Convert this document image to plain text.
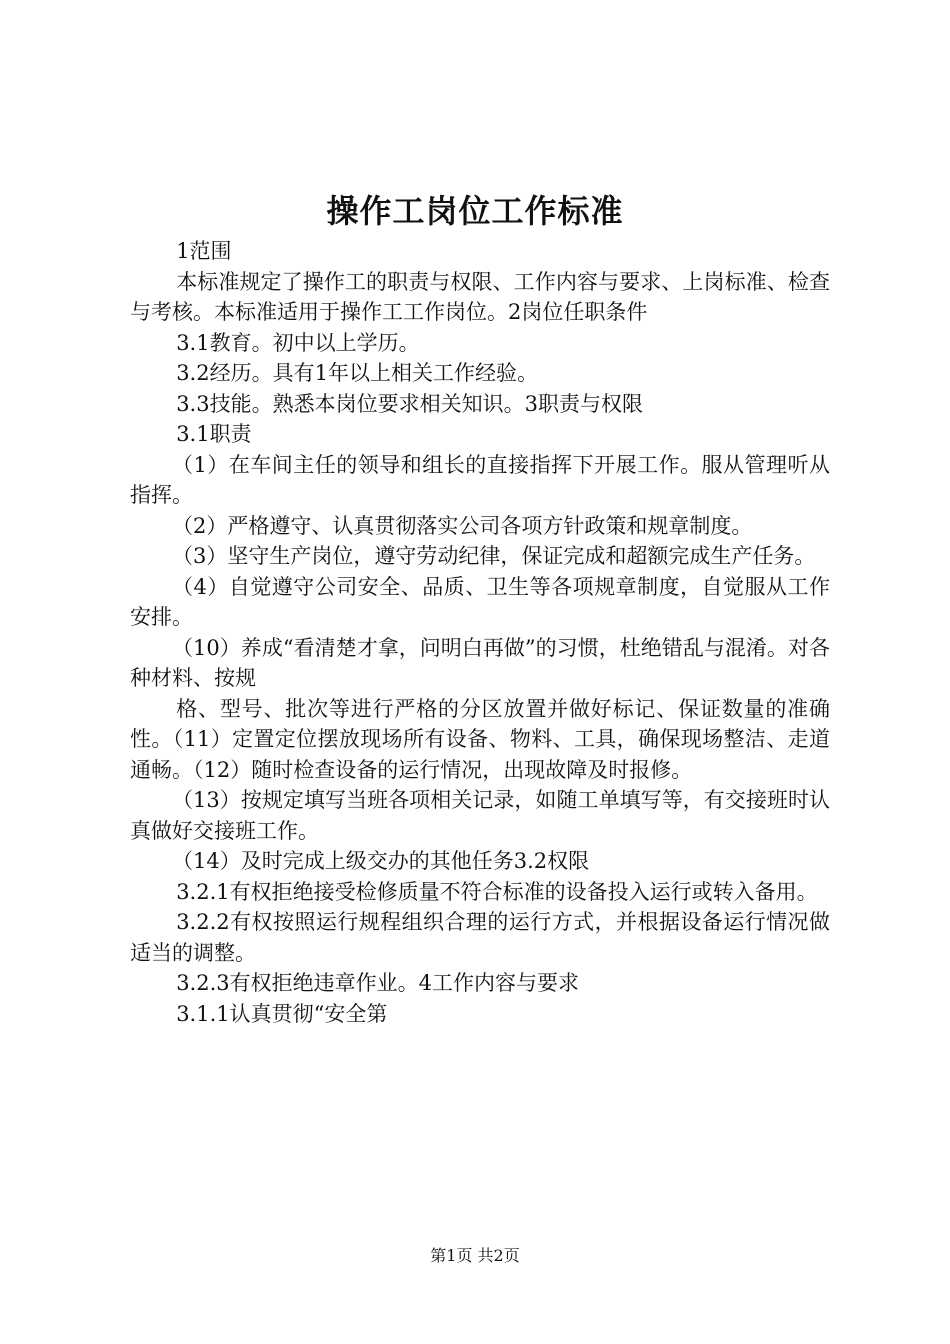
操作工岗位工作标准

1范围

本标准规定了操作工的职责与权限、工作内容与要求、上岗标准、检查与考核。本标准适用于操作工工作岗位。2岗位任职条件

3.1教育。初中以上学历。

3.2经历。具有1年以上相关工作经验。

3.3技能。熟悉本岗位要求相关知识。3职责与权限

3.1职责

（1）在车间主任的领导和组长的直接指挥下开展工作。服从管理听从指挥。

（2）严格遵守、认真贯彻落实公司各项方针政策和规章制度。

（3）坚守生产岗位，遵守劳动纪律，保证完成和超额完成生产任务。

（4）自觉遵守公司安全、品质、卫生等各项规章制度，自觉服从工作安排。

（10）养成“看清楚才拿，问明白再做”的习惯，杜绝错乱与混淆。对各种材料、按规

格、型号、批次等进行严格的分区放置并做好标记、保证数量的准确性。（11）定置定位摆放现场所有设备、物料、工具，确保现场整洁、走道通畅。（12）随时检查设备的运行情况，出现故障及时报修。

（13）按规定填写当班各项相关记录，如随工单填写等，有交接班时认真做好交接班工作。

（14）及时完成上级交办的其他任务3.2权限

3.2.1有权拒绝接受检修质量不符合标准的设备投入运行或转入备用。

3.2.2有权按照运行规程组织合理的运行方式，并根据设备运行情况做适当的调整。

3.2.3有权拒绝违章作业。4工作内容与要求

3.1.1认真贯彻“安全第

第1页 共2页
